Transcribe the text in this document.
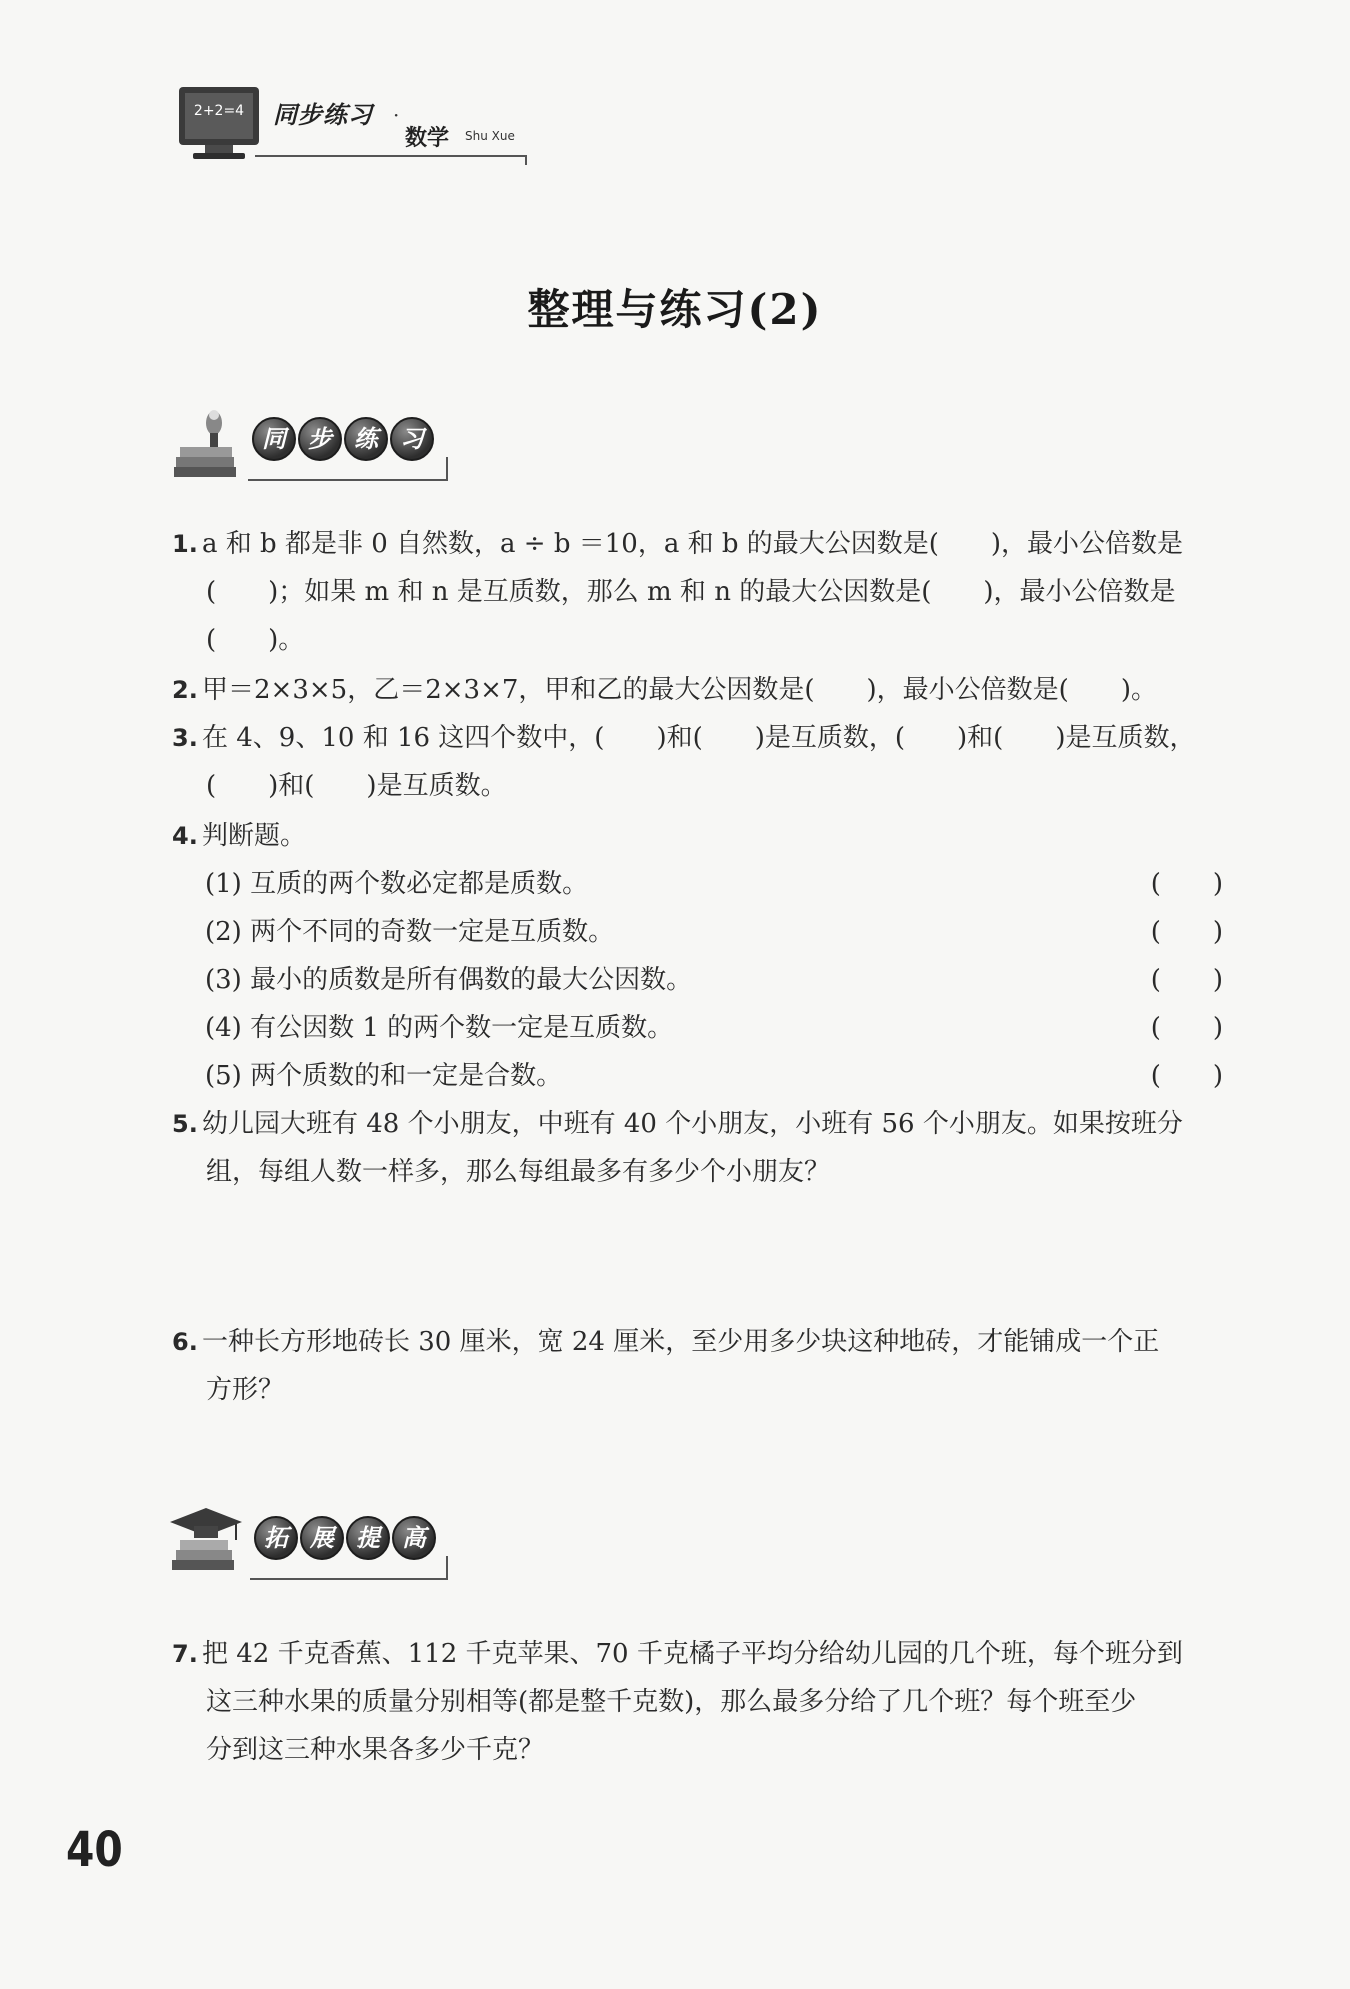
2+2=4 同步练习 ·
数学 Shu Xue
整理与练习(2)
同 步 练 习
1. a 和 b 都是非 0 自然数，a ÷ b ＝10，a 和 b 的最大公因数是(　　)，最小公倍数是
(　　)；如果 m 和 n 是互质数，那么 m 和 n 的最大公因数是(　　)，最小公倍数是
(　　)。
2. 甲＝2×3×5，乙＝2×3×7，甲和乙的最大公因数是(　　)，最小公倍数是(　　)。
3. 在 4、9、10 和 16 这四个数中，(　　)和(　　)是互质数，(　　)和(　　)是互质数，
(　　)和(　　)是互质数。
4. 判断题。
(1) 互质的两个数必定都是质数。	(　　)
(2) 两个不同的奇数一定是互质数。	(　　)
(3) 最小的质数是所有偶数的最大公因数。	(　　)
(4) 有公因数 1 的两个数一定是互质数。	(　　)
(5) 两个质数的和一定是合数。	(　　)
5. 幼儿园大班有 48 个小朋友，中班有 40 个小朋友，小班有 56 个小朋友。如果按班分
组，每组人数一样多，那么每组最多有多少个小朋友？
6. 一种长方形地砖长 30 厘米，宽 24 厘米，至少用多少块这种地砖，才能铺成一个正
方形？
拓 展 提 高
7. 把 42 千克香蕉、112 千克苹果、70 千克橘子平均分给幼儿园的几个班，每个班分到
这三种水果的质量分别相等(都是整千克数)，那么最多分给了几个班？每个班至少
分到这三种水果各多少千克？
40
